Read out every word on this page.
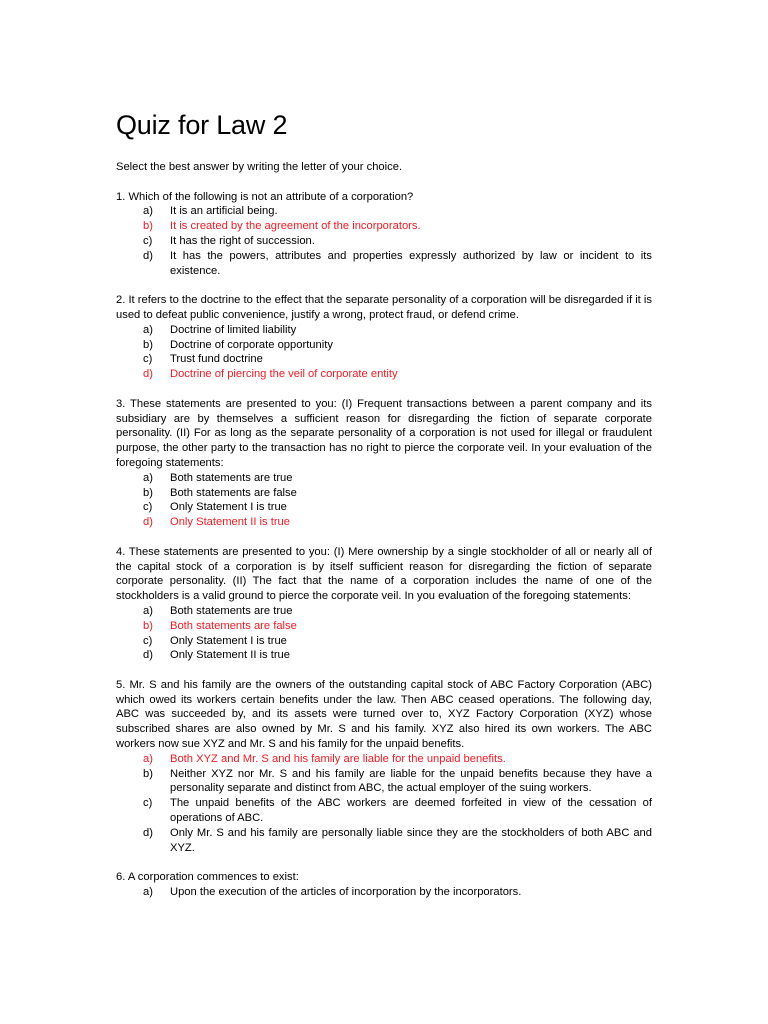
Quiz for Law 2

Select the best answer by writing the letter of your choice.

1. Which of the following is not an attribute of a corporation?

a)	It is an artificial being.
b)	It is created by the agreement of the incorporators.
c)	It has the right of succession.
d)	It has the powers, attributes and properties expressly authorized by law or incident to its existence.

2. It refers to the doctrine to the effect that the separate personality of a corporation will be disregarded if it is used to defeat public convenience, justify a wrong, protect fraud, or defend crime.

a)	Doctrine of limited liability
b)	Doctrine of corporate opportunity
c)	Trust fund doctrine
d)	Doctrine of piercing the veil of corporate entity

3. These statements are presented to you: (I) Frequent transactions between a parent company and its subsidiary are by themselves a sufficient reason for disregarding the fiction of separate corporate personality. (II) For as long as the separate personality of a corporation is not used for illegal or fraudulent purpose, the other party to the transaction has no right to pierce the corporate veil. In your evaluation of the foregoing statements:

a)	Both statements are true
b)	Both statements are false
c)	Only Statement I is true
d)	Only Statement II is true

4. These statements are presented to you: (I) Mere ownership by a single stockholder of all or nearly all of the capital stock of a corporation is by itself sufficient reason for disregarding the fiction of separate corporate personality. (II) The fact that the name of a corporation includes the name of one of the stockholders is a valid ground to pierce the corporate veil. In you evaluation of the foregoing statements:

a)	Both statements are true
b)	Both statements are false
c)	Only Statement I is true
d)	Only Statement II is true

5. Mr. S and his family are the owners of the outstanding capital stock of ABC Factory Corporation (ABC) which owed its workers certain benefits under the law. Then ABC ceased operations. The following day, ABC was succeeded by, and its assets were turned over to, XYZ Factory Corporation (XYZ) whose subscribed shares are also owned by Mr. S and his family. XYZ also hired its own workers. The ABC workers now sue XYZ and Mr. S and his family for the unpaid benefits.

a)	Both XYZ and Mr. S and his family are liable for the unpaid benefits.
b)	Neither XYZ nor Mr. S and his family are liable for the unpaid benefits because they have a personality separate and distinct from ABC, the actual employer of the suing workers.
c)	The unpaid benefits of the ABC workers are deemed forfeited in view of the cessation of operations of ABC.
d)	Only Mr. S and his family are personally liable since they are the stockholders of both ABC and XYZ.

6. A corporation commences to exist:

a)	Upon the execution of the articles of incorporation by the incorporators.
